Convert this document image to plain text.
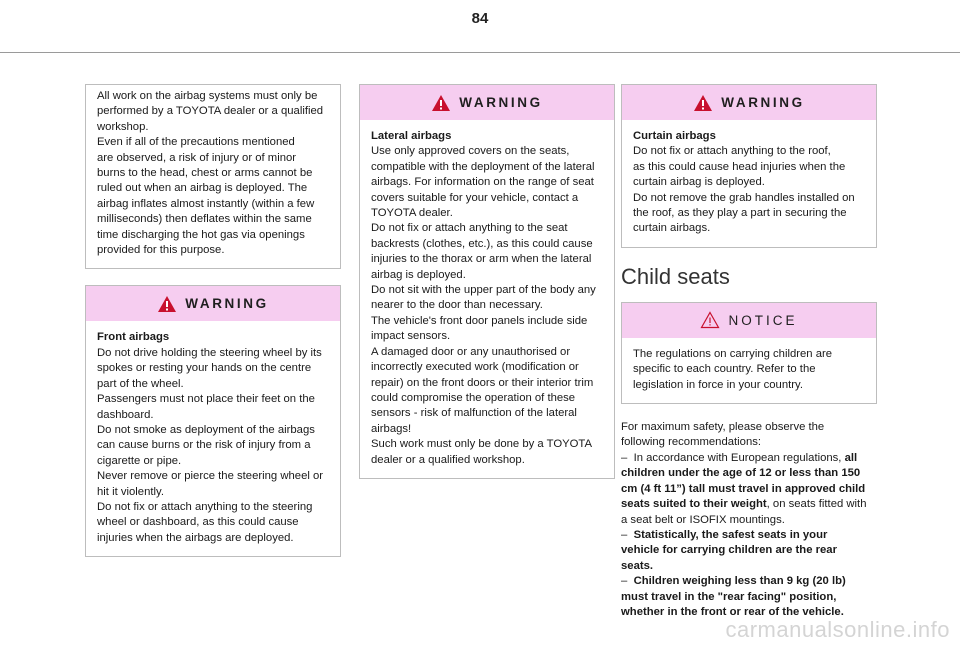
84
All work on the airbag systems must only be
performed by a TOYOTA dealer or a qualified
workshop.
Even if all of the precautions mentioned
are observed, a risk of injury or of minor
burns to the head, chest or arms cannot be
ruled out when an airbag is deployed. The
airbag inflates almost instantly (within a few
milliseconds) then deflates within the same
time discharging the hot gas via openings
provided for this purpose.
WARNING
Front airbags
Do not drive holding the steering wheel by its
spokes or resting your hands on the centre
part of the wheel.
Passengers must not place their feet on the
dashboard.
Do not smoke as deployment of the airbags
can cause burns or the risk of injury from a
cigarette or pipe.
Never remove or pierce the steering wheel or
hit it violently.
Do not fix or attach anything to the steering
wheel or dashboard, as this could cause
injuries when the airbags are deployed.
WARNING
Lateral airbags
Use only approved covers on the seats,
compatible with the deployment of the lateral
airbags. For information on the range of seat
covers suitable for your vehicle, contact a
TOYOTA dealer.
Do not fix or attach anything to the seat
backrests (clothes, etc.), as this could cause
injuries to the thorax or arm when the lateral
airbag is deployed.
Do not sit with the upper part of the body any
nearer to the door than necessary.
The vehicle's front door panels include side
impact sensors.
A damaged door or any unauthorised or
incorrectly executed work (modification or
repair) on the front doors or their interior trim
could compromise the operation of these
sensors - risk of malfunction of the lateral
airbags!
Such work must only be done by a TOYOTA
dealer or a qualified workshop.
WARNING
Curtain airbags
Do not fix or attach anything to the roof,
as this could cause head injuries when the
curtain airbag is deployed.
Do not remove the grab handles installed on
the roof, as they play a part in securing the
curtain airbags.
Child seats
NOTICE
The regulations on carrying children are
specific to each country. Refer to the
legislation in force in your country.
For maximum safety, please observe the
following recommendations:
– In accordance with European regulations, all
children under the age of 12 or less than 150
cm (4 ft 11”) tall must travel in approved child
seats suited to their weight, on seats fitted with
a seat belt or ISOFIX mountings.
– Statistically, the safest seats in your
vehicle for carrying children are the rear
seats.
– Children weighing less than 9 kg (20 lb)
must travel in the "rear facing" position,
whether in the front or rear of the vehicle.
carmanualsonline.info
